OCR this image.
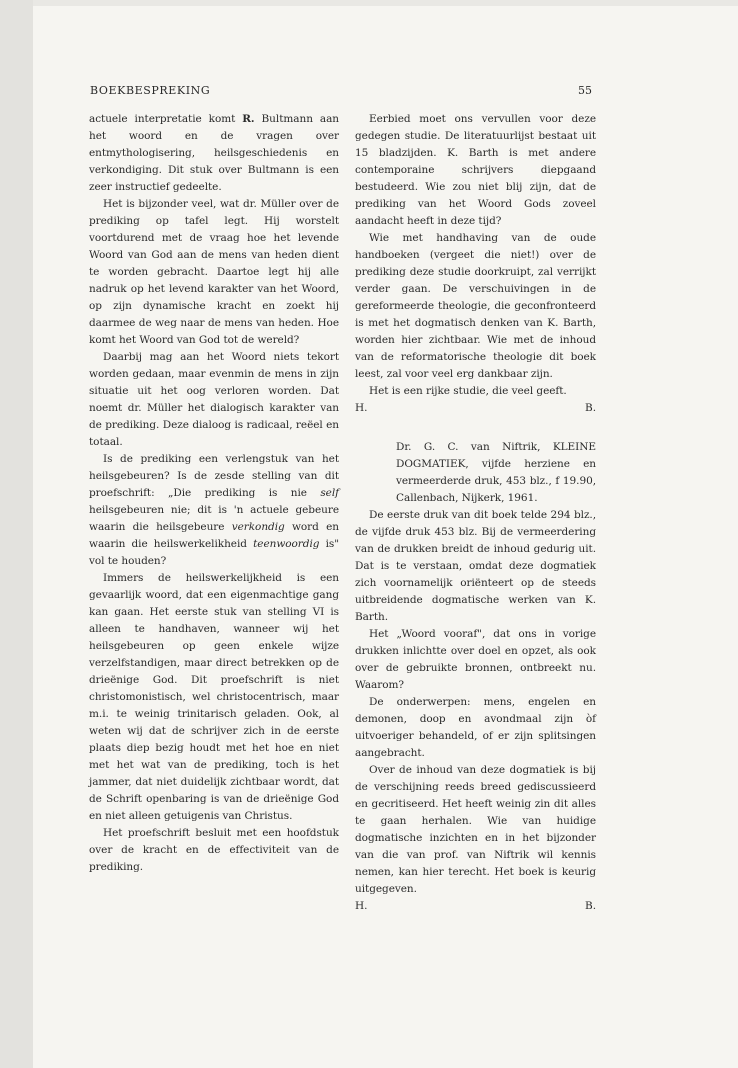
BOEKBESPREKING	55

actuele interpretatie komt R. Bultmann aan het woord en de vragen over entmythologisering, heilsgeschiedenis en verkondiging. Dit stuk over Bultmann is een zeer instructief gedeelte.

Het is bijzonder veel, wat dr. Müller over de prediking op tafel legt. Hij worstelt voortdurend met de vraag hoe het levende Woord van God aan de mens van heden dient te worden gebracht. Daartoe legt hij alle nadruk op het levend karakter van het Woord, op zijn dynamische kracht en zoekt hij daarmee de weg naar de mens van heden. Hoe komt het Woord van God tot de wereld?

Daarbij mag aan het Woord niets tekort worden gedaan, maar evenmin de mens in zijn situatie uit het oog verloren worden. Dat noemt dr. Müller het dialogisch karakter van de prediking. Deze dialoog is radicaal, reëel en totaal.

Is de prediking een verlengstuk van het heilsgebeuren? Is de zesde stelling van dit proefschrift: „Die prediking is nie self heilsgebeuren nie; dit is 'n actuele gebeure waarin die heilsgebeure verkondig word en waarin die heilswerkelikheid teenwoordig is" vol te houden?

Immers de heilswerkelijkheid is een gevaarlijk woord, dat een eigenmachtige gang kan gaan. Het eerste stuk van stelling VI is alleen te handhaven, wanneer wij het heilsgebeuren op geen enkele wijze verzelfstandigen, maar direct betrekken op de drieënige God. Dit proefschrift is niet christomonistisch, wel christocentrisch, maar m.i. te weinig trinitarisch geladen. Ook, al weten wij dat de schrijver zich in de eerste plaats diep bezig houdt met het hoe en niet met het wat van de prediking, toch is het jammer, dat niet duidelijk zichtbaar wordt, dat de Schrift openbaring is van de drieënige God en niet alleen getuigenis van Christus.

Het proefschrift besluit met een hoofdstuk over de kracht en de effectiviteit van de prediking.

Eerbied moet ons vervullen voor deze gedegen studie. De literatuurlijst bestaat uit 15 bladzijden. K. Barth is met andere contemporaine schrijvers diepgaand bestudeerd. Wie zou niet blij zijn, dat de prediking van het Woord Gods zoveel aandacht heeft in deze tijd?

Wie met handhaving van de oude handboeken (vergeet die niet!) over de prediking deze studie doorkruipt, zal verrijkt verder gaan. De verschuivingen in de gereformeerde theologie, die geconfronteerd is met het dogmatisch denken van K. Barth, worden hier zichtbaar. Wie met de inhoud van de reformatorische theologie dit boek leest, zal voor veel erg dankbaar zijn.

Het is een rijke studie, die veel geeft.

H.	B.

Dr. G. C. van Niftrik, KLEINE DOGMATIEK, vijfde herziene en vermeerderde druk, 453 blz., f 19.90, Callenbach, Nijkerk, 1961.

De eerste druk van dit boek telde 294 blz., de vijfde druk 453 blz. Bij de vermeerdering van de drukken breidt de inhoud gedurig uit. Dat is te verstaan, omdat deze dogmatiek zich voornamelijk oriënteert op de steeds uitbreidende dogmatische werken van K. Barth.

Het „Woord vooraf", dat ons in vorige drukken inlichtte over doel en opzet, als ook over de gebruikte bronnen, ontbreekt nu. Waarom?

De onderwerpen: mens, engelen en demonen, doop en avondmaal zijn òf uitvoeriger behandeld, of er zijn splitsingen aangebracht.

Over de inhoud van deze dogmatiek is bij de verschijning reeds breed gediscussieerd en gecritiseerd. Het heeft weinig zin dit alles te gaan herhalen. Wie van huidige dogmatische inzichten en in het bijzonder van die van prof. van Niftrik wil kennis nemen, kan hier terecht. Het boek is keurig uitgegeven.

H.	B.
